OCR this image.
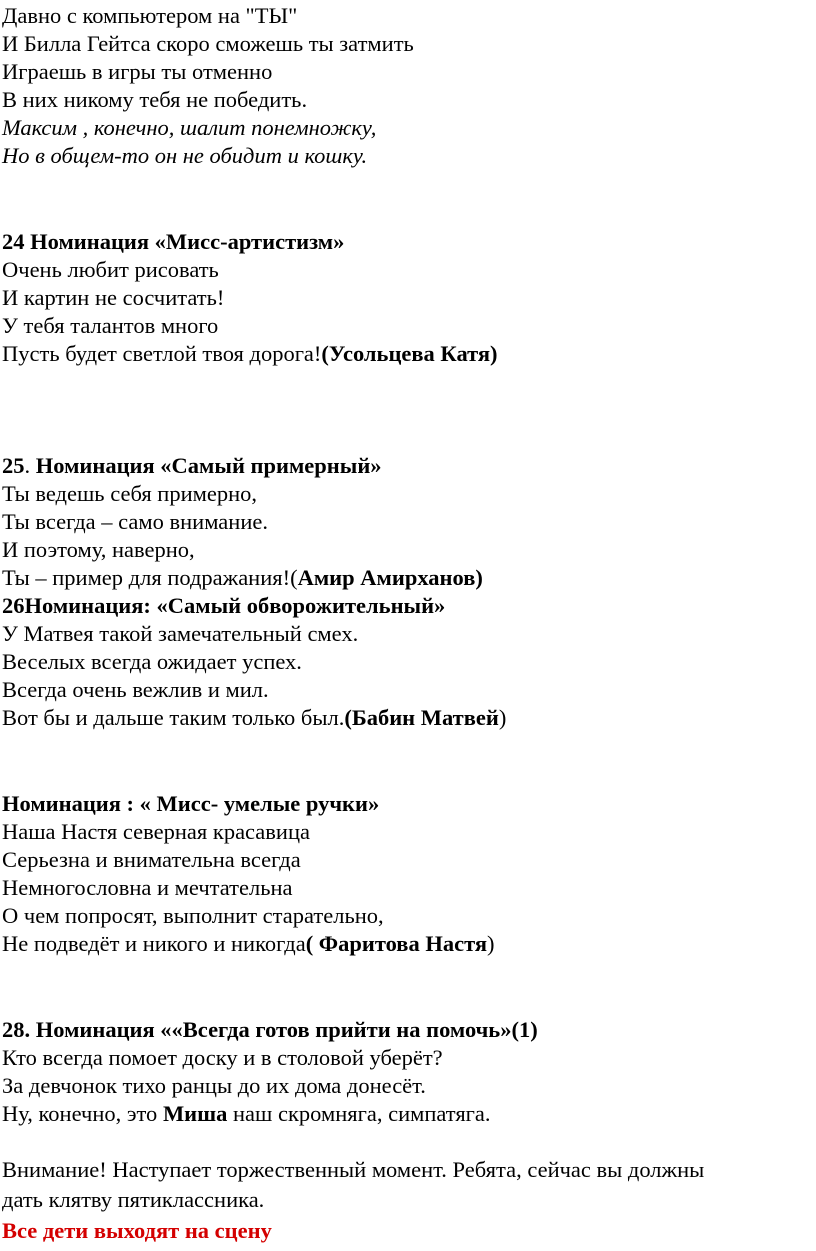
Давно с компьютером на "ТЫ"
И Билла Гейтса скоро сможешь ты затмить
Играешь в игры ты отменно
В них никому тебя не победить.
Максим , конечно, шалит понемножку,
Но в общем-то он не обидит и кошку.
24 Номинация «Мисс-артистизм»
Очень любит рисовать
И картин не сосчитать!
У тебя талантов много
Пусть будет светлой твоя дорога!(Усольцева Катя)
25. Номинация «Самый примерный»
Ты ведешь себя примерно,
Ты всегда – само внимание.
И поэтому, наверно,
Ты – пример для подражания!(Амир Амирханов)
26Номинация: «Самый обворожительный»
У Матвея такой замечательный смех.
Веселых всегда ожидает успех.
Всегда очень вежлив и мил.
Вот бы и дальше таким только был.(Бабин Матвей)
Номинация : « Мисс- умелые ручки»
Наша Настя северная красавица
Серьезна и внимательна всегда
Немногословна и мечтательна
О чем попросят, выполнит старательно,
Не подведёт и никого и никогда( Фаритова Настя)
28. Номинация ««Всегда готов прийти на помочь»(1)
Кто всегда помоет доску и в столовой уберёт?
За девчонок тихо ранцы до их дома донесёт.
Ну, конечно, это Миша наш скромняга, симпатяга.
Внимание! Наступает торжественный момент. Ребята, сейчас вы должны
дать клятву пятиклассника.
Все дети выходят на сцену
